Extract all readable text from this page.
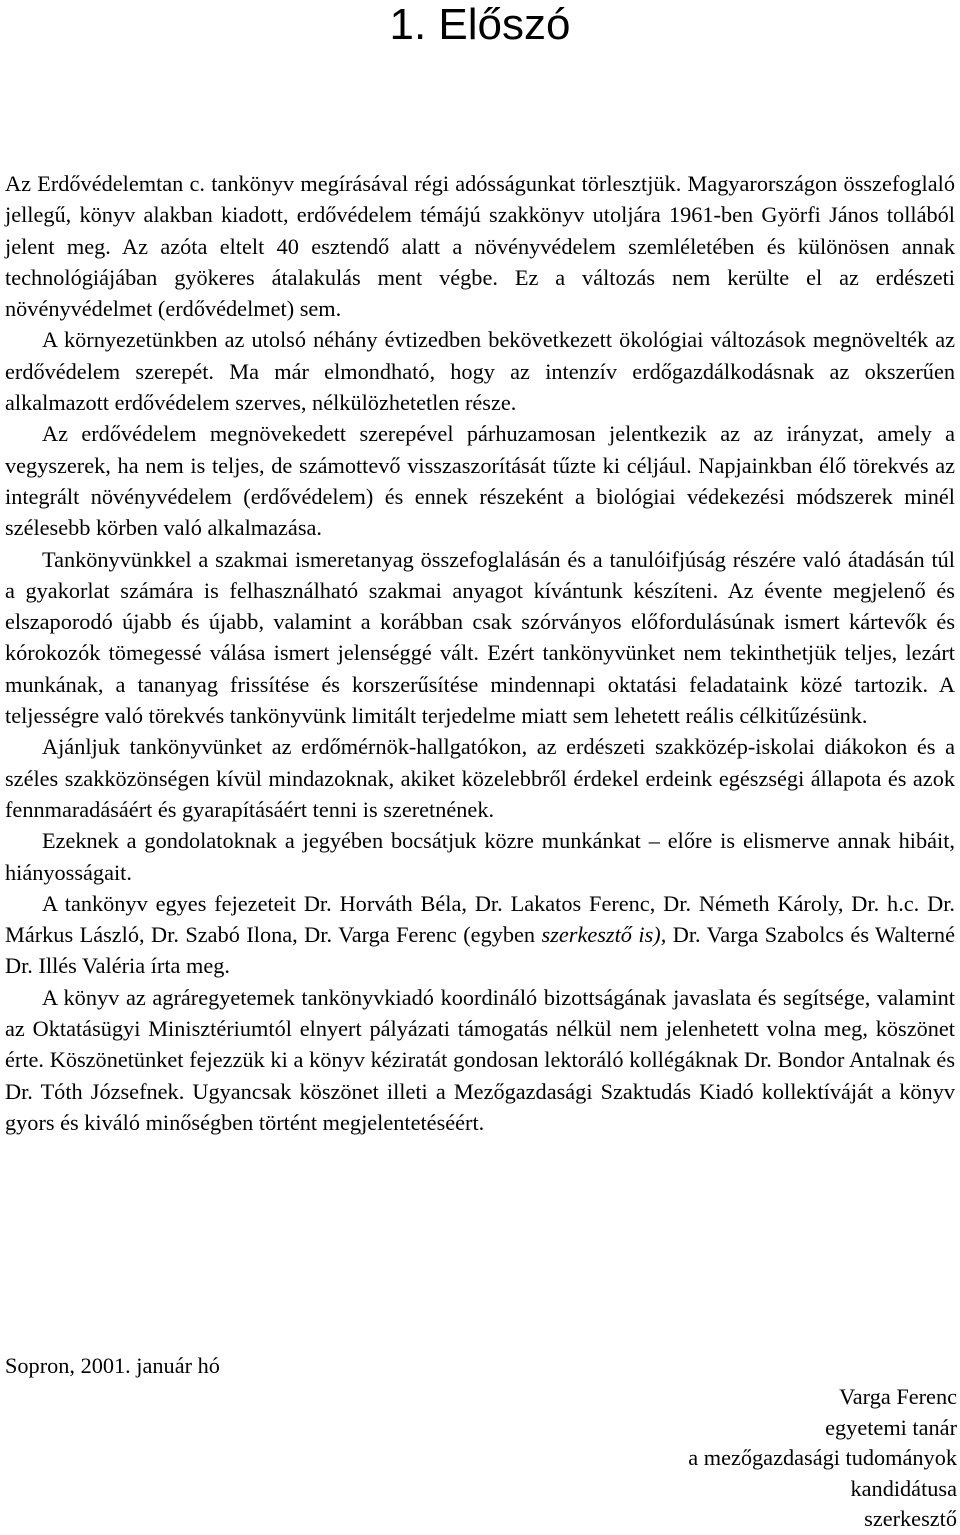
1. Előszó

Az Erdővédelemtan c. tankönyv megírásával régi adósságunkat törlesztjük. Magyarországon összefoglaló jellegű, könyv alakban kiadott, erdővédelem témájú szakkönyv utoljára 1961-ben Györfi János tollából jelent meg. Az azóta eltelt 40 esztendő alatt a növényvédelem szemléletében és különösen annak technológiájában gyökeres átalakulás ment végbe. Ez a változás nem kerülte el az erdészeti növényvédelmet (erdővédelmet) sem.

A környezetünkben az utolsó néhány évtizedben bekövetkezett ökológiai változások megnövelték az erdővédelem szerepét. Ma már elmondható, hogy az intenzív erdőgazdálkodásnak az okszerűen alkalmazott erdővédelem szerves, nélkülözhetetlen része.

Az erdővédelem megnövekedett szerepével párhuzamosan jelentkezik az az irányzat, amely a vegyszerek, ha nem is teljes, de számottevő visszaszorítását tűzte ki céljául. Napjainkban élő törekvés az integrált növényvédelem (erdővédelem) és ennek részeként a biológiai védekezési módszerek minél szélesebb körben való alkalmazása.

Tankönyvünkkel a szakmai ismeretanyag összefoglalásán és a tanulóifjúság részére való átadásán túl a gyakorlat számára is felhasználható szakmai anyagot kívántunk készíteni. Az évente megjelenő és elszaporodó újabb és újabb, valamint a korábban csak szórványos előfordulásúnak ismert kártevők és kórokozók tömegessé válása ismert jelenséggé vált. Ezért tankönyvünket nem tekinthetjük teljes, lezárt munkának, a tananyag frissítése és korszerűsítése mindennapi oktatási feladataink közé tartozik. A teljességre való törekvés tankönyvünk limitált terjedelme miatt sem lehetett reális célkitűzésünk.

Ajánljuk tankönyvünket az erdőmérnök-hallgatókon, az erdészeti szakközép-iskolai diákokon és a széles szakközönségen kívül mindazoknak, akiket közelebbről érdekel erdeink egészségi állapota és azok fennmaradásáért és gyarapításáért tenni is szeretnének.

Ezeknek a gondolatoknak a jegyében bocsátjuk közre munkánkat – előre is elismerve annak hibáit, hiányosságait.

A tankönyv egyes fejezeteit Dr. Horváth Béla, Dr. Lakatos Ferenc, Dr. Németh Károly, Dr. h.c. Dr. Márkus László, Dr. Szabó Ilona, Dr. Varga Ferenc (egyben szerkesztő is), Dr. Varga Szabolcs és Walterné Dr. Illés Valéria írta meg.

A könyv az agráregyetemek tankönyvkiadó koordináló bizottságának javaslata és segítsége, valamint az Oktatásügyi Minisztériumtól elnyert pályázati támogatás nélkül nem jelenhetett volna meg, köszönet érte. Köszönetünket fejezzük ki a könyv kéziratát gondosan lektoráló kollégáknak Dr. Bondor Antalnak és Dr. Tóth Józsefnek. Ugyancsak köszönet illeti a Mezőgazdasági Szaktudás Kiadó kollektíváját a könyv gyors és kiváló minőségben történt megjelentetéséért.

Sopron, 2001. január hó
Varga Ferenc
egyetemi tanár
a mezőgazdasági tudományok
kandidátusa
szerkesztő
